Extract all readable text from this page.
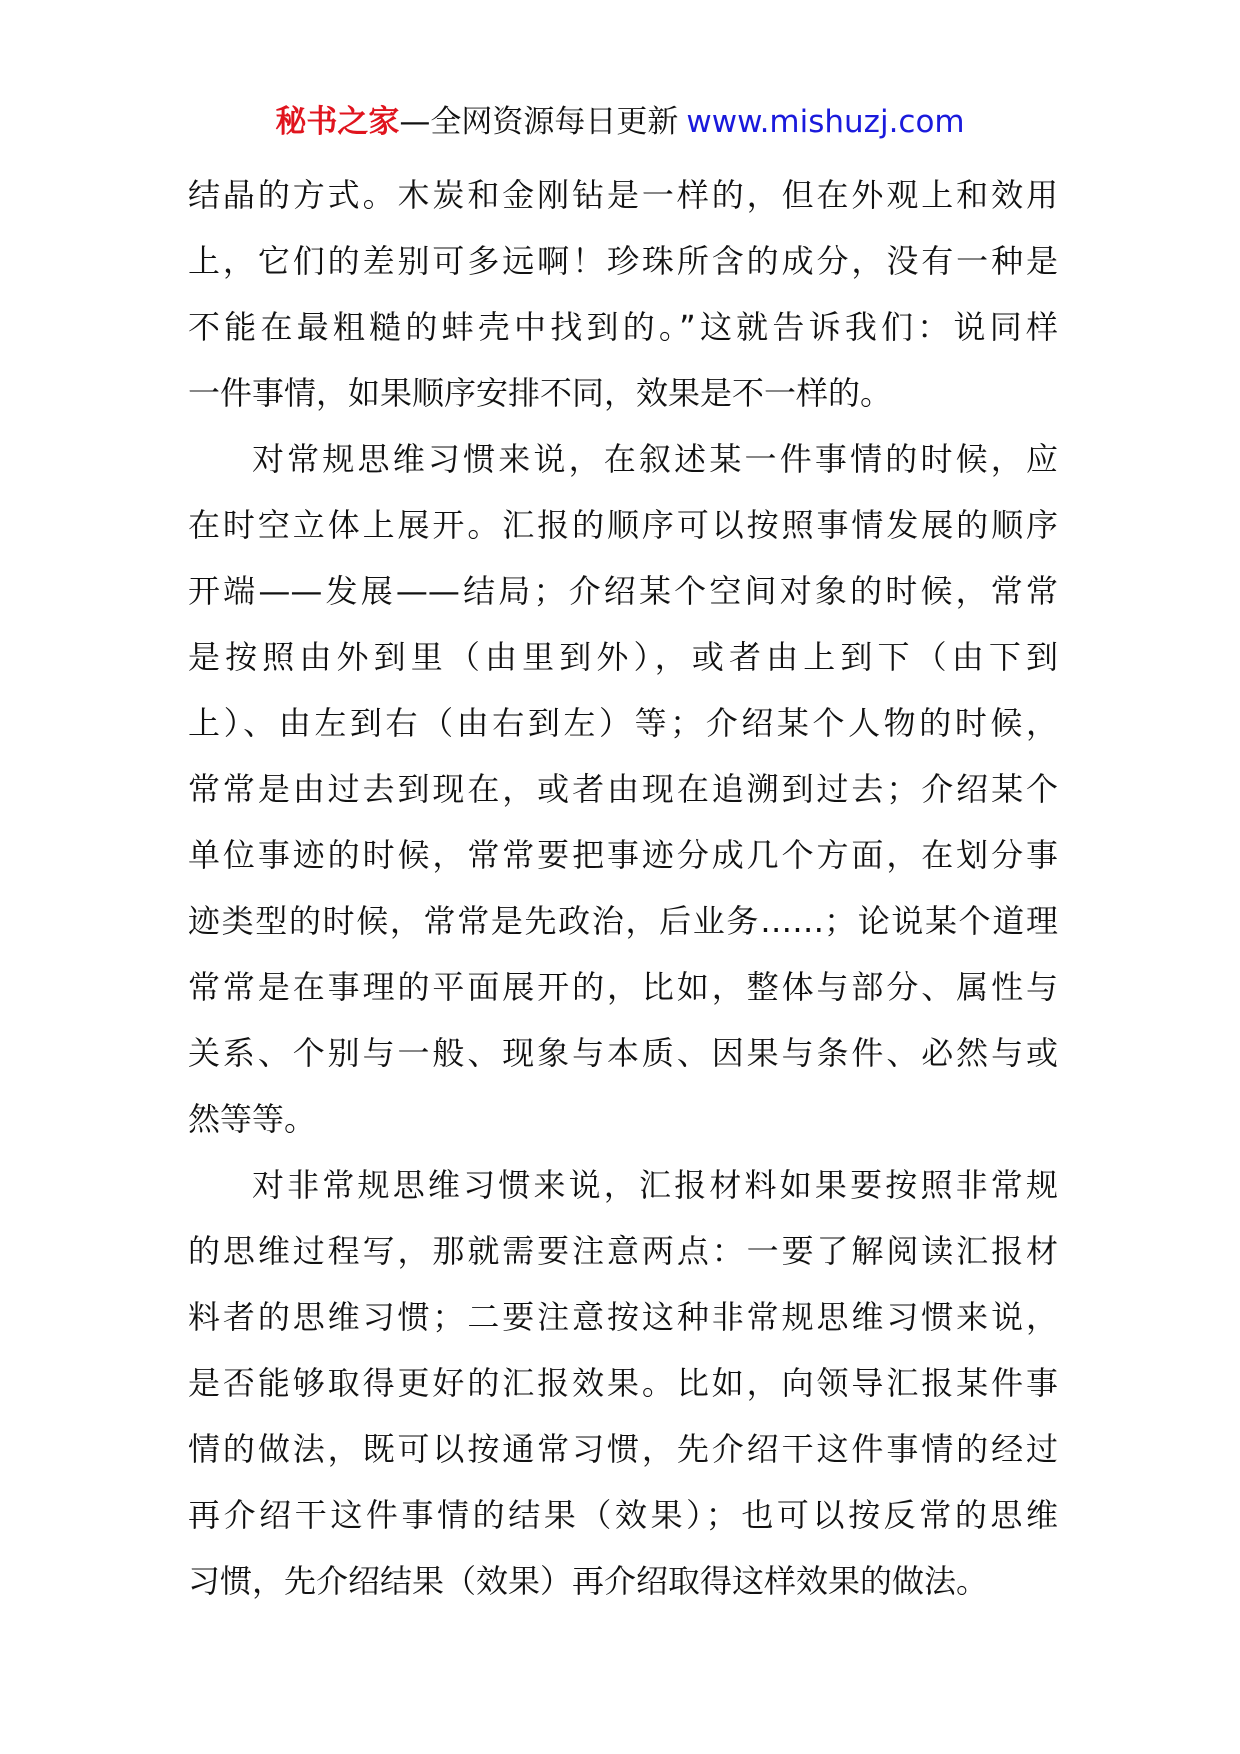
秘书之家—全网资源每日更新 www.mishuzj.com
结晶的方式。木炭和金刚钻是一样的，但在外观上和效用
上，它们的差别可多远啊！珍珠所含的成分，没有一种是
不能在最粗糙的蚌壳中找到的。”这就告诉我们：说同样
一件事情，如果顺序安排不同，效果是不一样的。
对常规思维习惯来说，在叙述某一件事情的时候，应
在时空立体上展开。汇报的顺序可以按照事情发展的顺序
开端——发展——结局；介绍某个空间对象的时候，常常
是按照由外到里（由里到外），或者由上到下（由下到
上）、由左到右（由右到左）等；介绍某个人物的时候，
常常是由过去到现在，或者由现在追溯到过去；介绍某个
单位事迹的时候，常常要把事迹分成几个方面，在划分事
迹类型的时候，常常是先政治，后业务……；论说某个道理
常常是在事理的平面展开的，比如，整体与部分、属性与
关系、个别与一般、现象与本质、因果与条件、必然与或
然等等。
对非常规思维习惯来说，汇报材料如果要按照非常规
的思维过程写，那就需要注意两点：一要了解阅读汇报材
料者的思维习惯；二要注意按这种非常规思维习惯来说，
是否能够取得更好的汇报效果。比如，向领导汇报某件事
情的做法，既可以按通常习惯，先介绍干这件事情的经过
再介绍干这件事情的结果（效果）；也可以按反常的思维
习惯，先介绍结果（效果）再介绍取得这样效果的做法。
